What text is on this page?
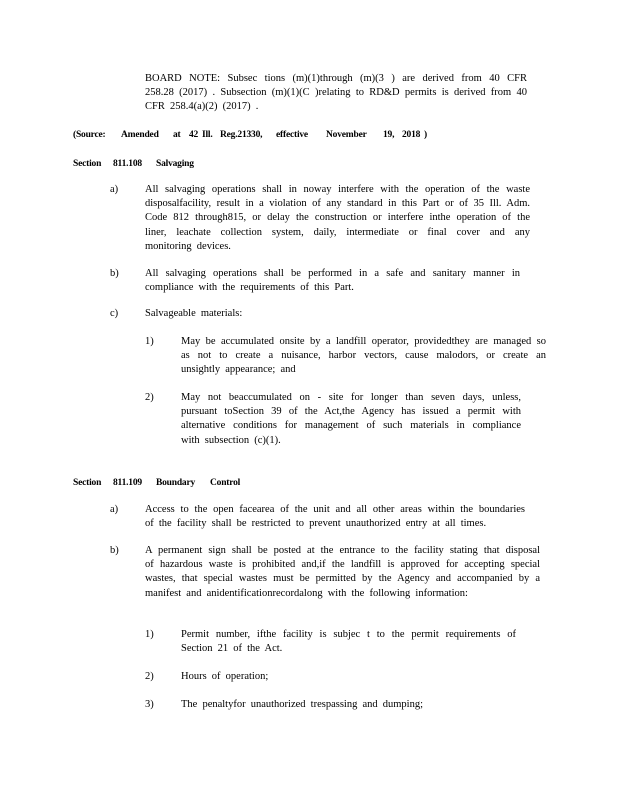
BOARD NOTE: Subsec tions (m)(1)through (m)(3 ) are derived from 40 CFR 258.28 (2017) . Subsection (m)(1)(C )relating to RD&D permits is derived from 40 CFR 258.4(a)(2) (2017) .
(Source: Amended at 42 Ill. Reg.21330, effective November 19, 2018 )
Section 811.108 Salvaging
a)	All salvaging operations shall in noway interfere with the operation of the waste disposalfacility, result in a violation of any standard in this Part or of 35 Ill. Adm. Code 812 through815, or delay the construction or interfere inthe operation of the liner, leachate collection system, daily, intermediate or final cover and any monitoring devices.
b)	All salvaging operations shall be performed in a safe and sanitary manner in compliance with the requirements of this Part.
c)	Salvageable materials:
1)	May be accumulated onsite by a landfill operator, providedthey are managed so as not to create a nuisance, harbor vectors, cause malodors, or create an unsightly appearance; and
2)	May not beaccumulated on - site for longer than seven days, unless, pursuant toSection 39 of the Act,the Agency has issued a permit with alternative conditions for management of such materials in compliance with subsection (c)(1).
Section 811.109 Boundary Control
a)	Access to the open facearea of the unit and all other areas within the boundaries of the facility shall be restricted to prevent unauthorized entry at all times.
b)	A permanent sign shall be posted at the entrance to the facility stating that disposal of hazardous waste is prohibited and,if the landfill is approved for accepting special wastes, that special wastes must be permitted by the Agency and accompanied by a manifest and anidentificationrecordalong with the following information:
1)	Permit number, ifthe facility is subjec t to the permit requirements of Section 21 of the Act.
2)	Hours of operation;
3)	The penaltyfor unauthorized trespassing and dumping;
